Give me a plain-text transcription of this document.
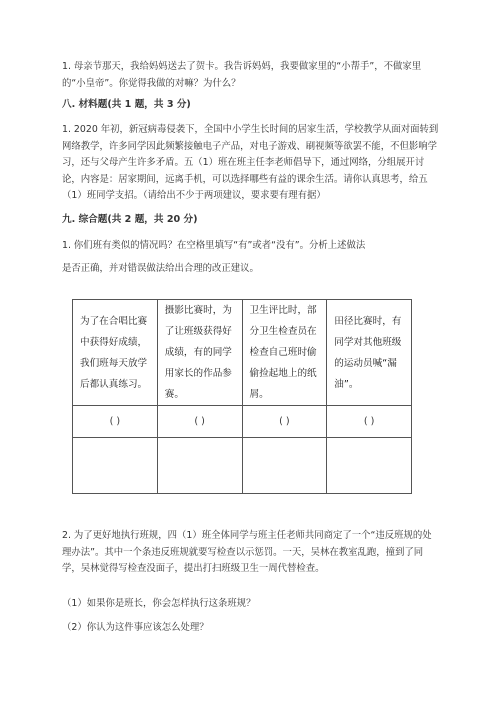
1. 母亲节那天，我给妈妈送去了贺卡。我告诉妈妈，我要做家里的“小帮手”，不做家里的“小皇帝”。你觉得我做的对嘛？为什么？

八. 材料题(共 1 题，共 3 分)

1. 2020 年初，新冠病毒侵袭下，全国中小学生长时间的居家生活，学校教学从面对面转到网络教学，许多同学因此频繁接触电子产品，对电子游戏、刷视频等欲罢不能，不但影响学习，还与父母产生许多矛盾。五（1）班在班主任李老师倡导下，通过网络，分组展开讨论，内容是：居家期间，远离手机，可以选择哪些有益的课余生活。请你认真思考，给五（1）班同学支招。（请给出不少于两项建议，要求要有理有据）

九. 综合题(共 2 题，共 20 分)

1. 你们班有类似的情况吗？在空格里填写“有”或者“没有”。分析上述做法

是否正确，并对错误做法给出合理的改正建议。

为了在合唱比赛中获得好成绩，我们班每天放学后都认真练习。	摄影比赛时，为了让班级获得好成绩，有的同学用家长的作品参赛。	卫生评比时，部分卫生检查员在检查自己班时偷偷捡起地上的纸屑。	田径比赛时，有同学对其他班级的运动员喊“漏油”。

( )	( )	( )	( )

2. 为了更好地执行班规，四（1）班全体同学与班主任老师共同商定了一个“违反班规的处理办法”。其中一个条违反班规就要写检查以示惩罚。一天，吴林在教室乱跑，撞到了同学，吴林觉得写检查没面子，提出打扫班级卫生一周代替检查。

（1）如果你是班长，你会怎样执行这条班规？

（2）你认为这件事应该怎么处理？
